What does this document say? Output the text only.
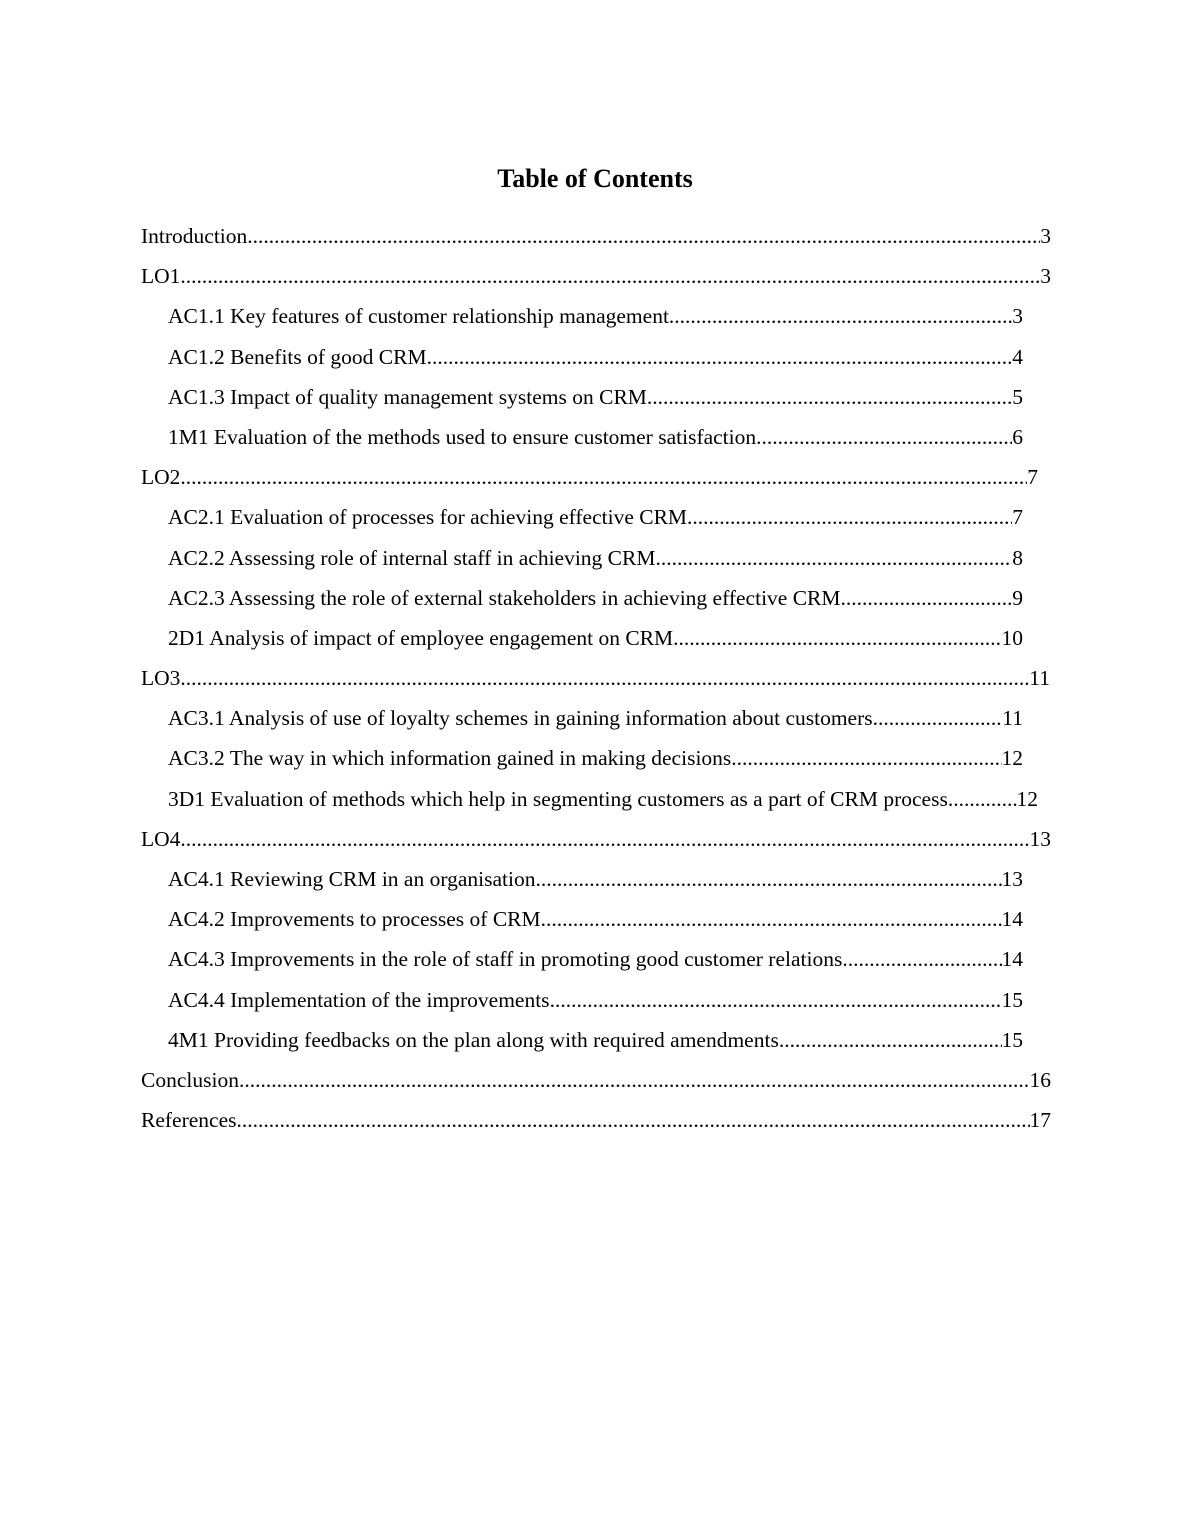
Table of Contents
Introduction .....	3
LO1 .....	3
AC1.1 Key features of customer relationship management .....	3
AC1.2 Benefits of good CRM .....	4
AC1.3 Impact of quality management systems on CRM .....	5
1M1 Evaluation of the methods used to ensure customer satisfaction .....	6
LO2 .....	7
AC2.1 Evaluation of processes for achieving effective CRM .....	7
AC2.2 Assessing role of internal staff in achieving CRM .....	8
AC2.3 Assessing the role of external stakeholders in achieving effective CRM .....	9
2D1 Analysis of impact of employee engagement on CRM .....	10
LO3 .....	11
AC3.1 Analysis of use of loyalty schemes in gaining information about customers .....	11
AC3.2 The way in which information gained in making decisions .....	12
3D1 Evaluation of methods which help in segmenting customers as a part of CRM process .....	12
LO4 .....	13
AC4.1 Reviewing CRM in an organisation .....	13
AC4.2 Improvements to processes of CRM .....	14
AC4.3 Improvements in the role of staff in promoting good customer relations .....	14
AC4.4 Implementation of the improvements .....	15
4M1 Providing feedbacks on the plan along with required amendments .....	15
Conclusion .....	16
References .....	17
